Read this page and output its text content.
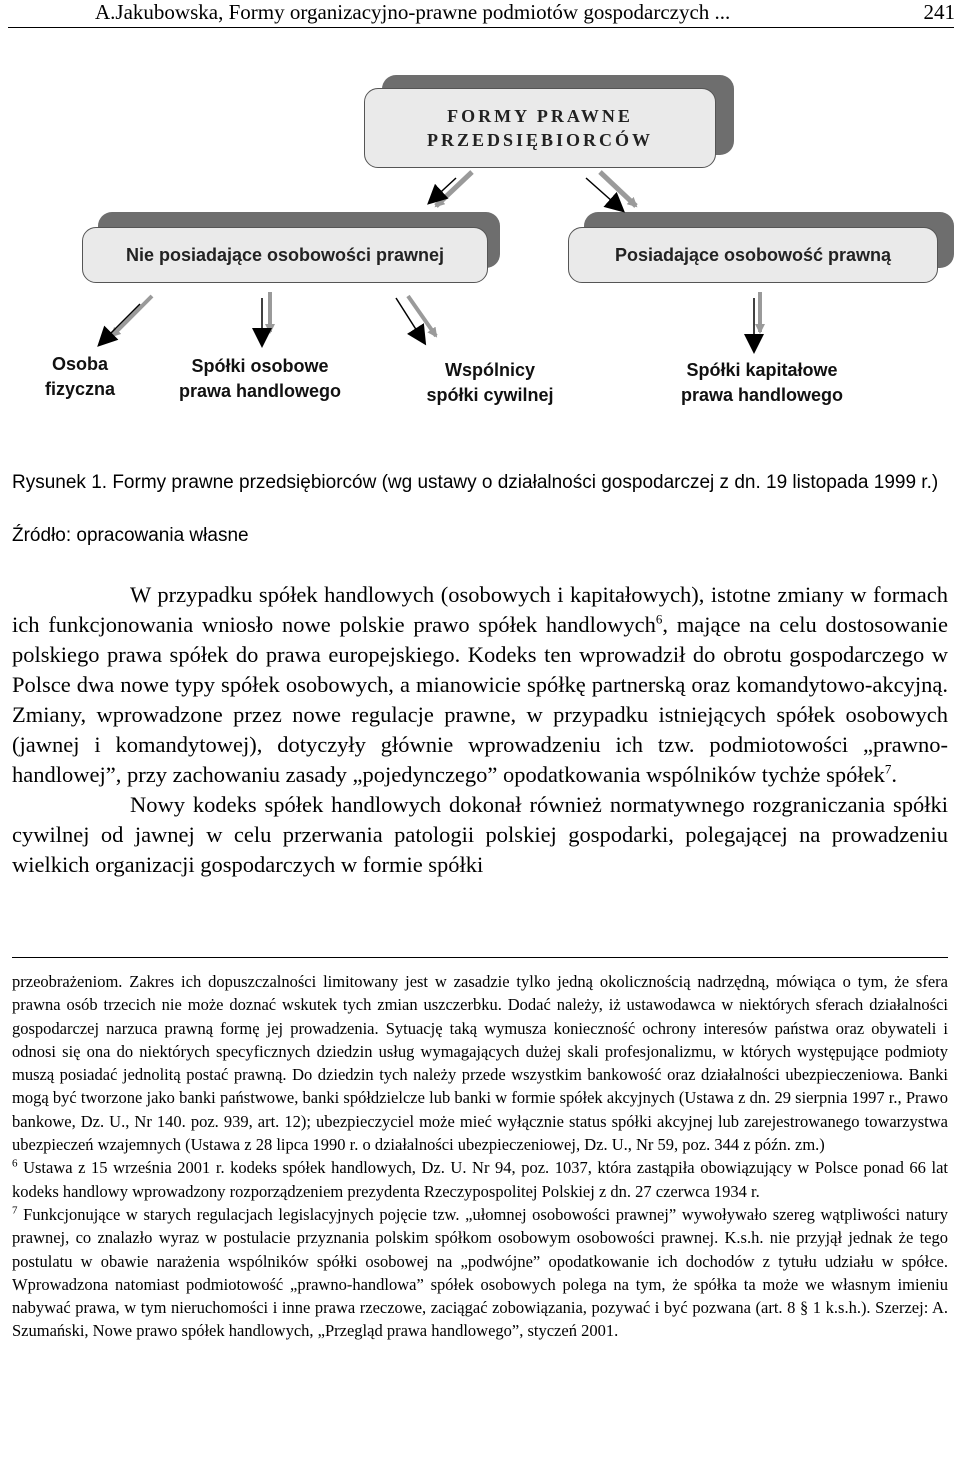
A.Jakubowska, Formy organizacyjno-prawne podmiotów gospodarczych ...	241
FORMY PRAWNE
PRZEDSIĘBIORCÓW
Nie posiadające osobowości prawnej	Posiadające osobowość prawną
Osoba
fizyczna
Spółki osobowe
prawa handlowego
Wspólnicy
spółki cywilnej
Spółki kapitałowe
prawa handlowego
Rysunek 1. Formy prawne przedsiębiorców (wg ustawy o działalności gospodarczej z dn. 19 listopada 1999 r.)
Źródło: opracowania własne

W przypadku spółek handlowych (osobowych i kapitałowych), istotne zmiany w formach ich funkcjonowania wniosło nowe polskie prawo spółek handlowych$^6$, mające na celu dostosowanie polskiego prawa spółek do prawa europejskiego. Kodeks ten wprowadził do obrotu gospodarczego w Polsce dwa nowe typy spółek osobowych, a mianowicie spółkę partnerską oraz komandytowo-akcyjną. Zmiany, wprowadzone przez nowe regulacje prawne, w przypadku istniejących spółek osobowych (jawnej i komandytowej), dotyczyły głównie wprowadzeniu ich tzw. podmiotowości „prawno-handlowej”, przy zachowaniu zasady „pojedynczego” opodatkowania wspólników tychże spółek$^7$.

Nowy kodeks spółek handlowych dokonał również normatywnego rozgraniczania spółki cywilnej od jawnej w celu przerwania patologii polskiej gospodarki, polegającej na prowadzeniu wielkich organizacji gospodarczych w formie spółki

przeobrażeniom. Zakres ich dopuszczalności limitowany jest w zasadzie tylko jedną okolicznością nadrzędną, mówiąca o tym, że sfera prawna osób trzecich nie może doznać wskutek tych zmian uszczerbku. Dodać należy, iż ustawodawca w niektórych sferach działalności gospodarczej narzuca prawną formę jej prowadzenia. Sytuację taką wymusza konieczność ochrony interesów państwa oraz obywateli i odnosi się ona do niektórych specyficznych dziedzin usług wymagających dużej skali profesjonalizmu, w których występujące podmioty muszą posiadać jednolitą postać prawną. Do dziedzin tych należy przede wszystkim bankowość oraz działalności ubezpieczeniowa. Banki mogą być tworzone jako banki państwowe, banki spółdzielcze lub banki w formie spółek akcyjnych (Ustawa z dn. 29 sierpnia 1997 r., Prawo bankowe, Dz. U., Nr 140. poz. 939, art. 12); ubezpieczyciel może mieć wyłącznie status spółki akcyjnej lub zarejestrowanego towarzystwa ubezpieczeń wzajemnych (Ustawa z 28 lipca 1990 r. o działalności ubezpieczeniowej, Dz. U., Nr 59, poz. 344 z późn. zm.)

$^6$ Ustawa z 15 września 2001 r. kodeks spółek handlowych, Dz. U. Nr 94, poz. 1037, która zastąpiła obowiązujący w Polsce ponad 66 lat kodeks handlowy wprowadzony rozporządzeniem prezydenta Rzeczypospolitej Polskiej z dn. 27 czerwca 1934 r.

$^7$ Funkcjonujące w starych regulacjach legislacyjnych pojęcie tzw. „ułomnej osobowości prawnej” wywoływało szereg wątpliwości natury prawnej, co znalazło wyraz w postulacie przyznania polskim spółkom osobowym osobowości prawnej. K.s.h. nie przyjął jednak że tego postulatu w obawie narażenia wspólników spółki osobowej na „podwójne” opodatkowanie ich dochodów z tytułu udziału w spółce. Wprowadzona natomiast podmiotowość „prawno-handlowa” spółek osobowych polega na tym, że spółka ta może we własnym imieniu nabywać prawa, w tym nieruchomości i inne prawa rzeczowe, zaciągać zobowiązania, pozywać i być pozwana (art. 8 § 1 k.s.h.). Szerzej: A. Szumański, Nowe prawo spółek handlowych, „Przegląd prawa handlowego”, styczeń 2001.
